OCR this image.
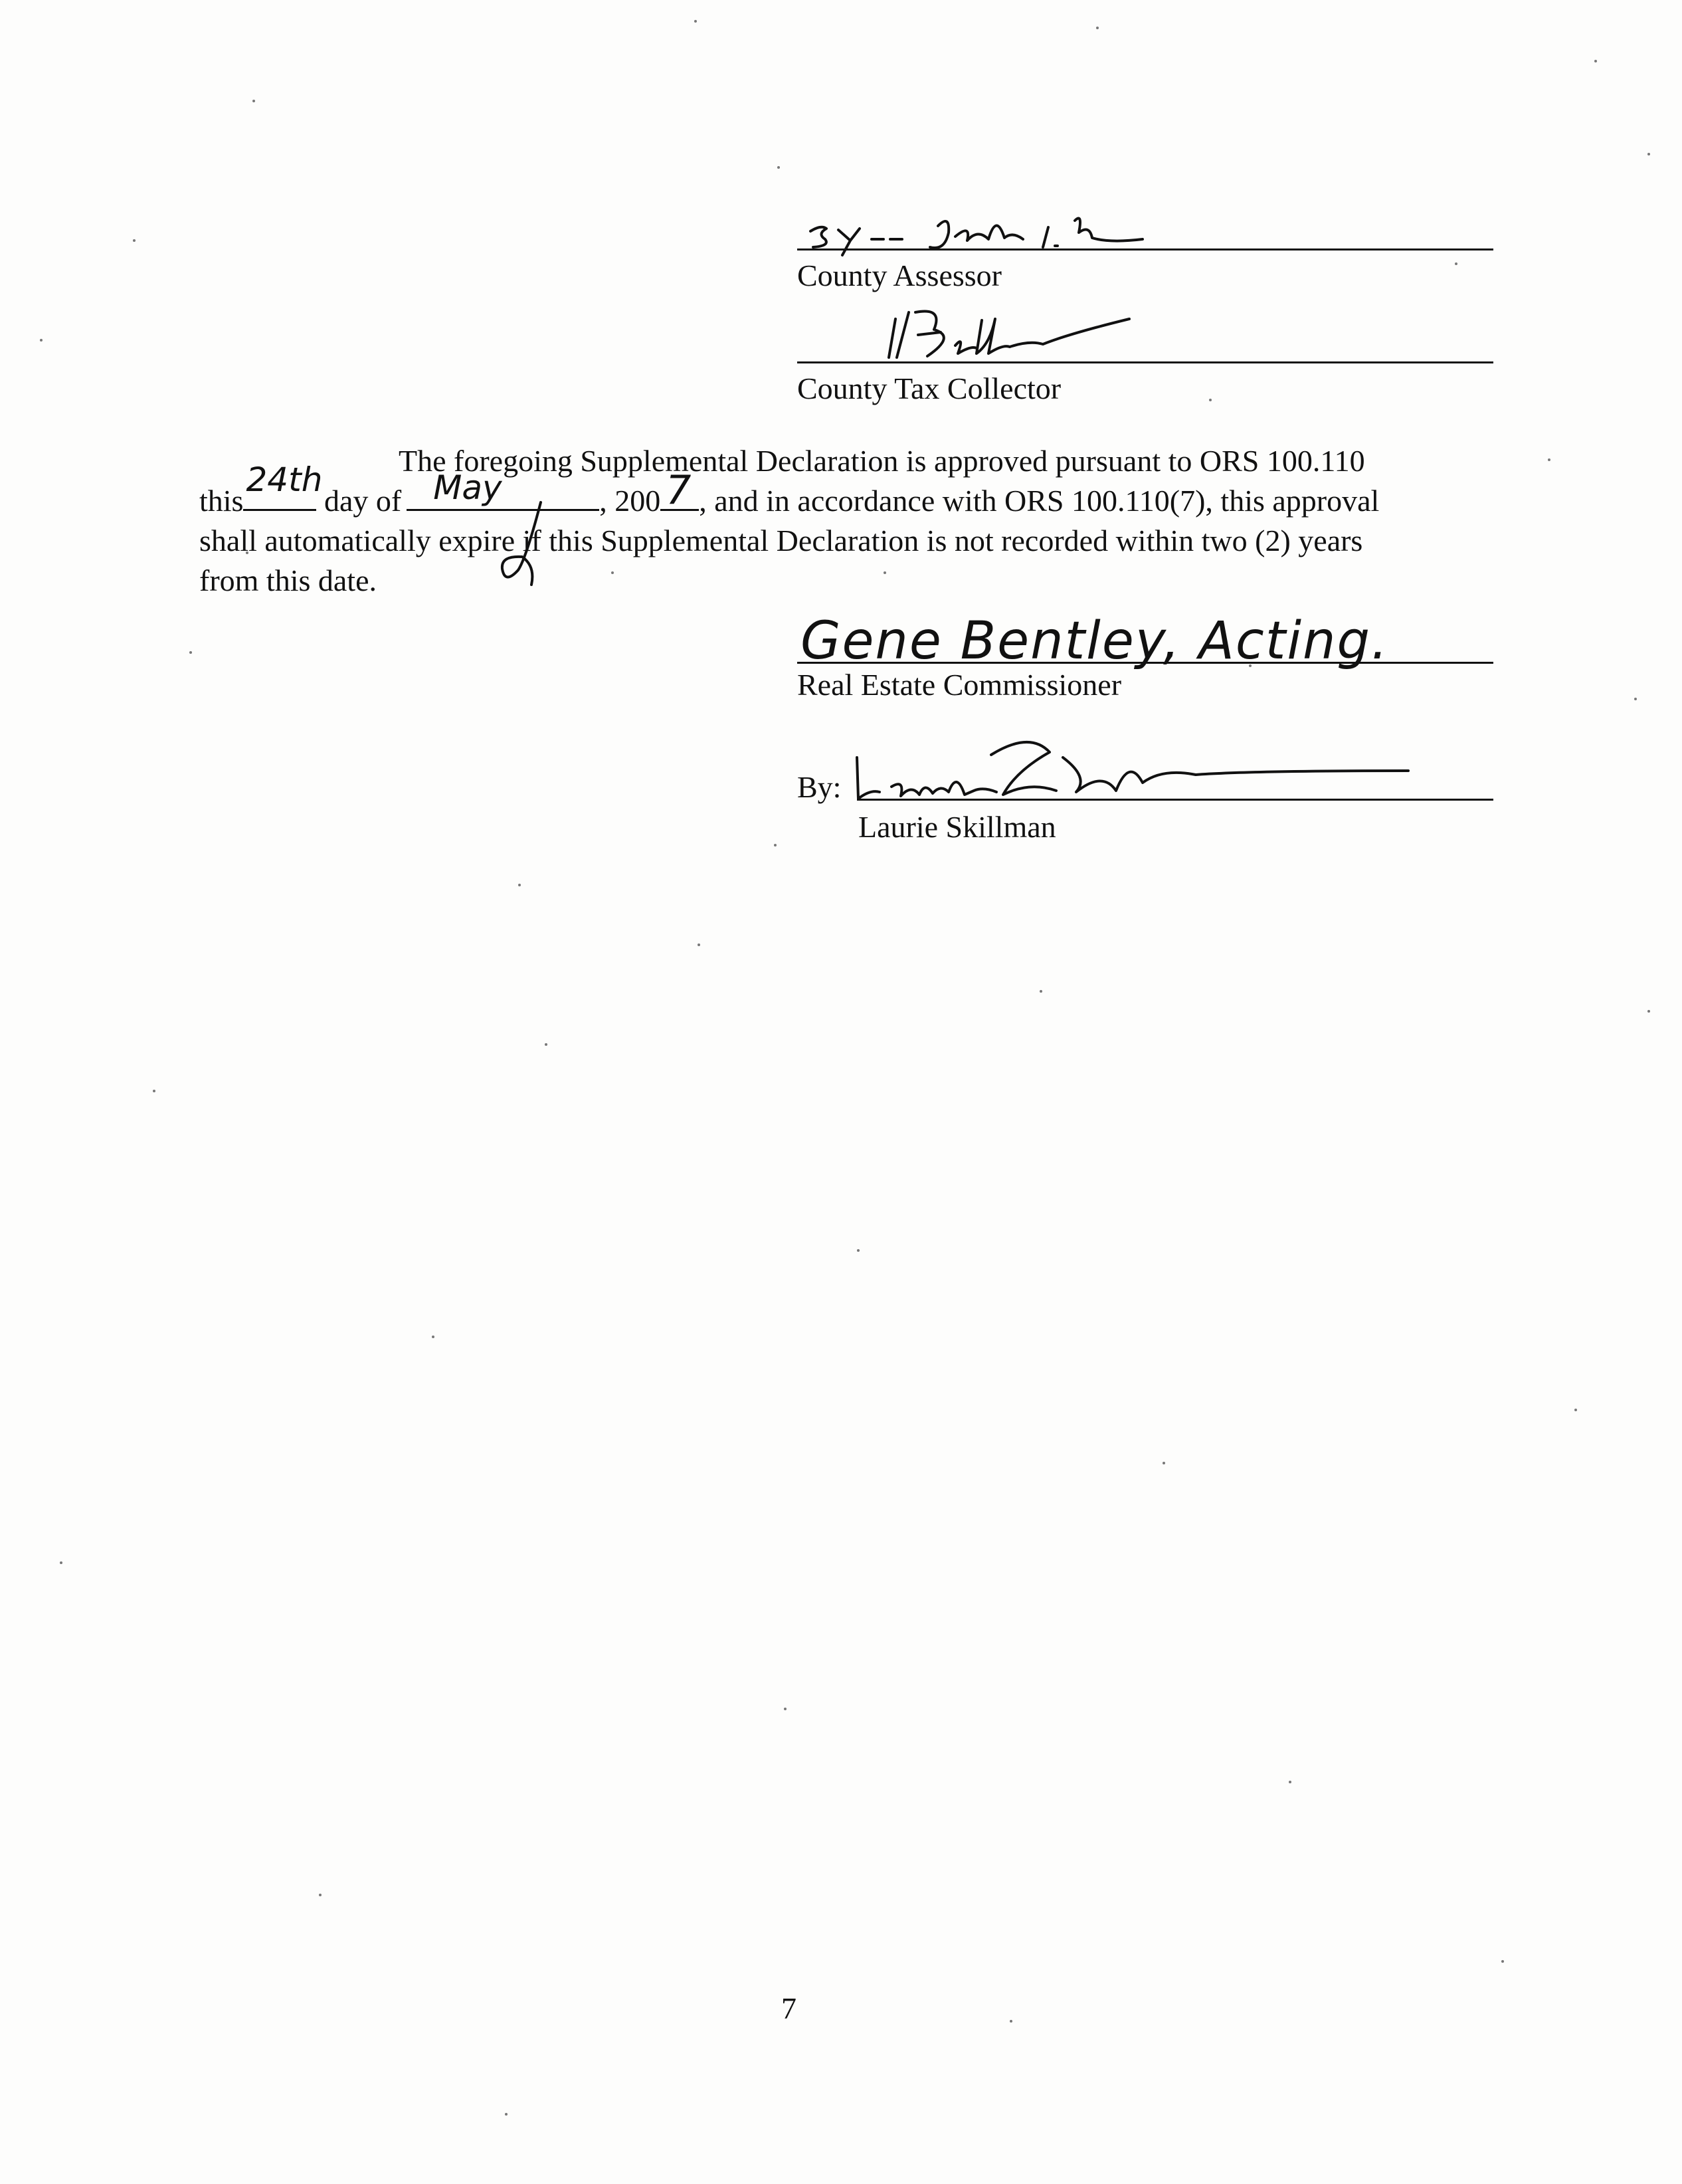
County Assessor
County Tax Collector
The foregoing Supplemental Declaration is approved pursuant to ORS 100.110
this
24th
day of May	, 200 7 , and in accordance with ORS 100.110(7), this approval
shall automatically expire if this Supplemental Declaration is not recorded within two (2) years
from this date.
Gene Bentley, Acting.
Real Estate Commissioner
By:
Laurie Skillman
7
